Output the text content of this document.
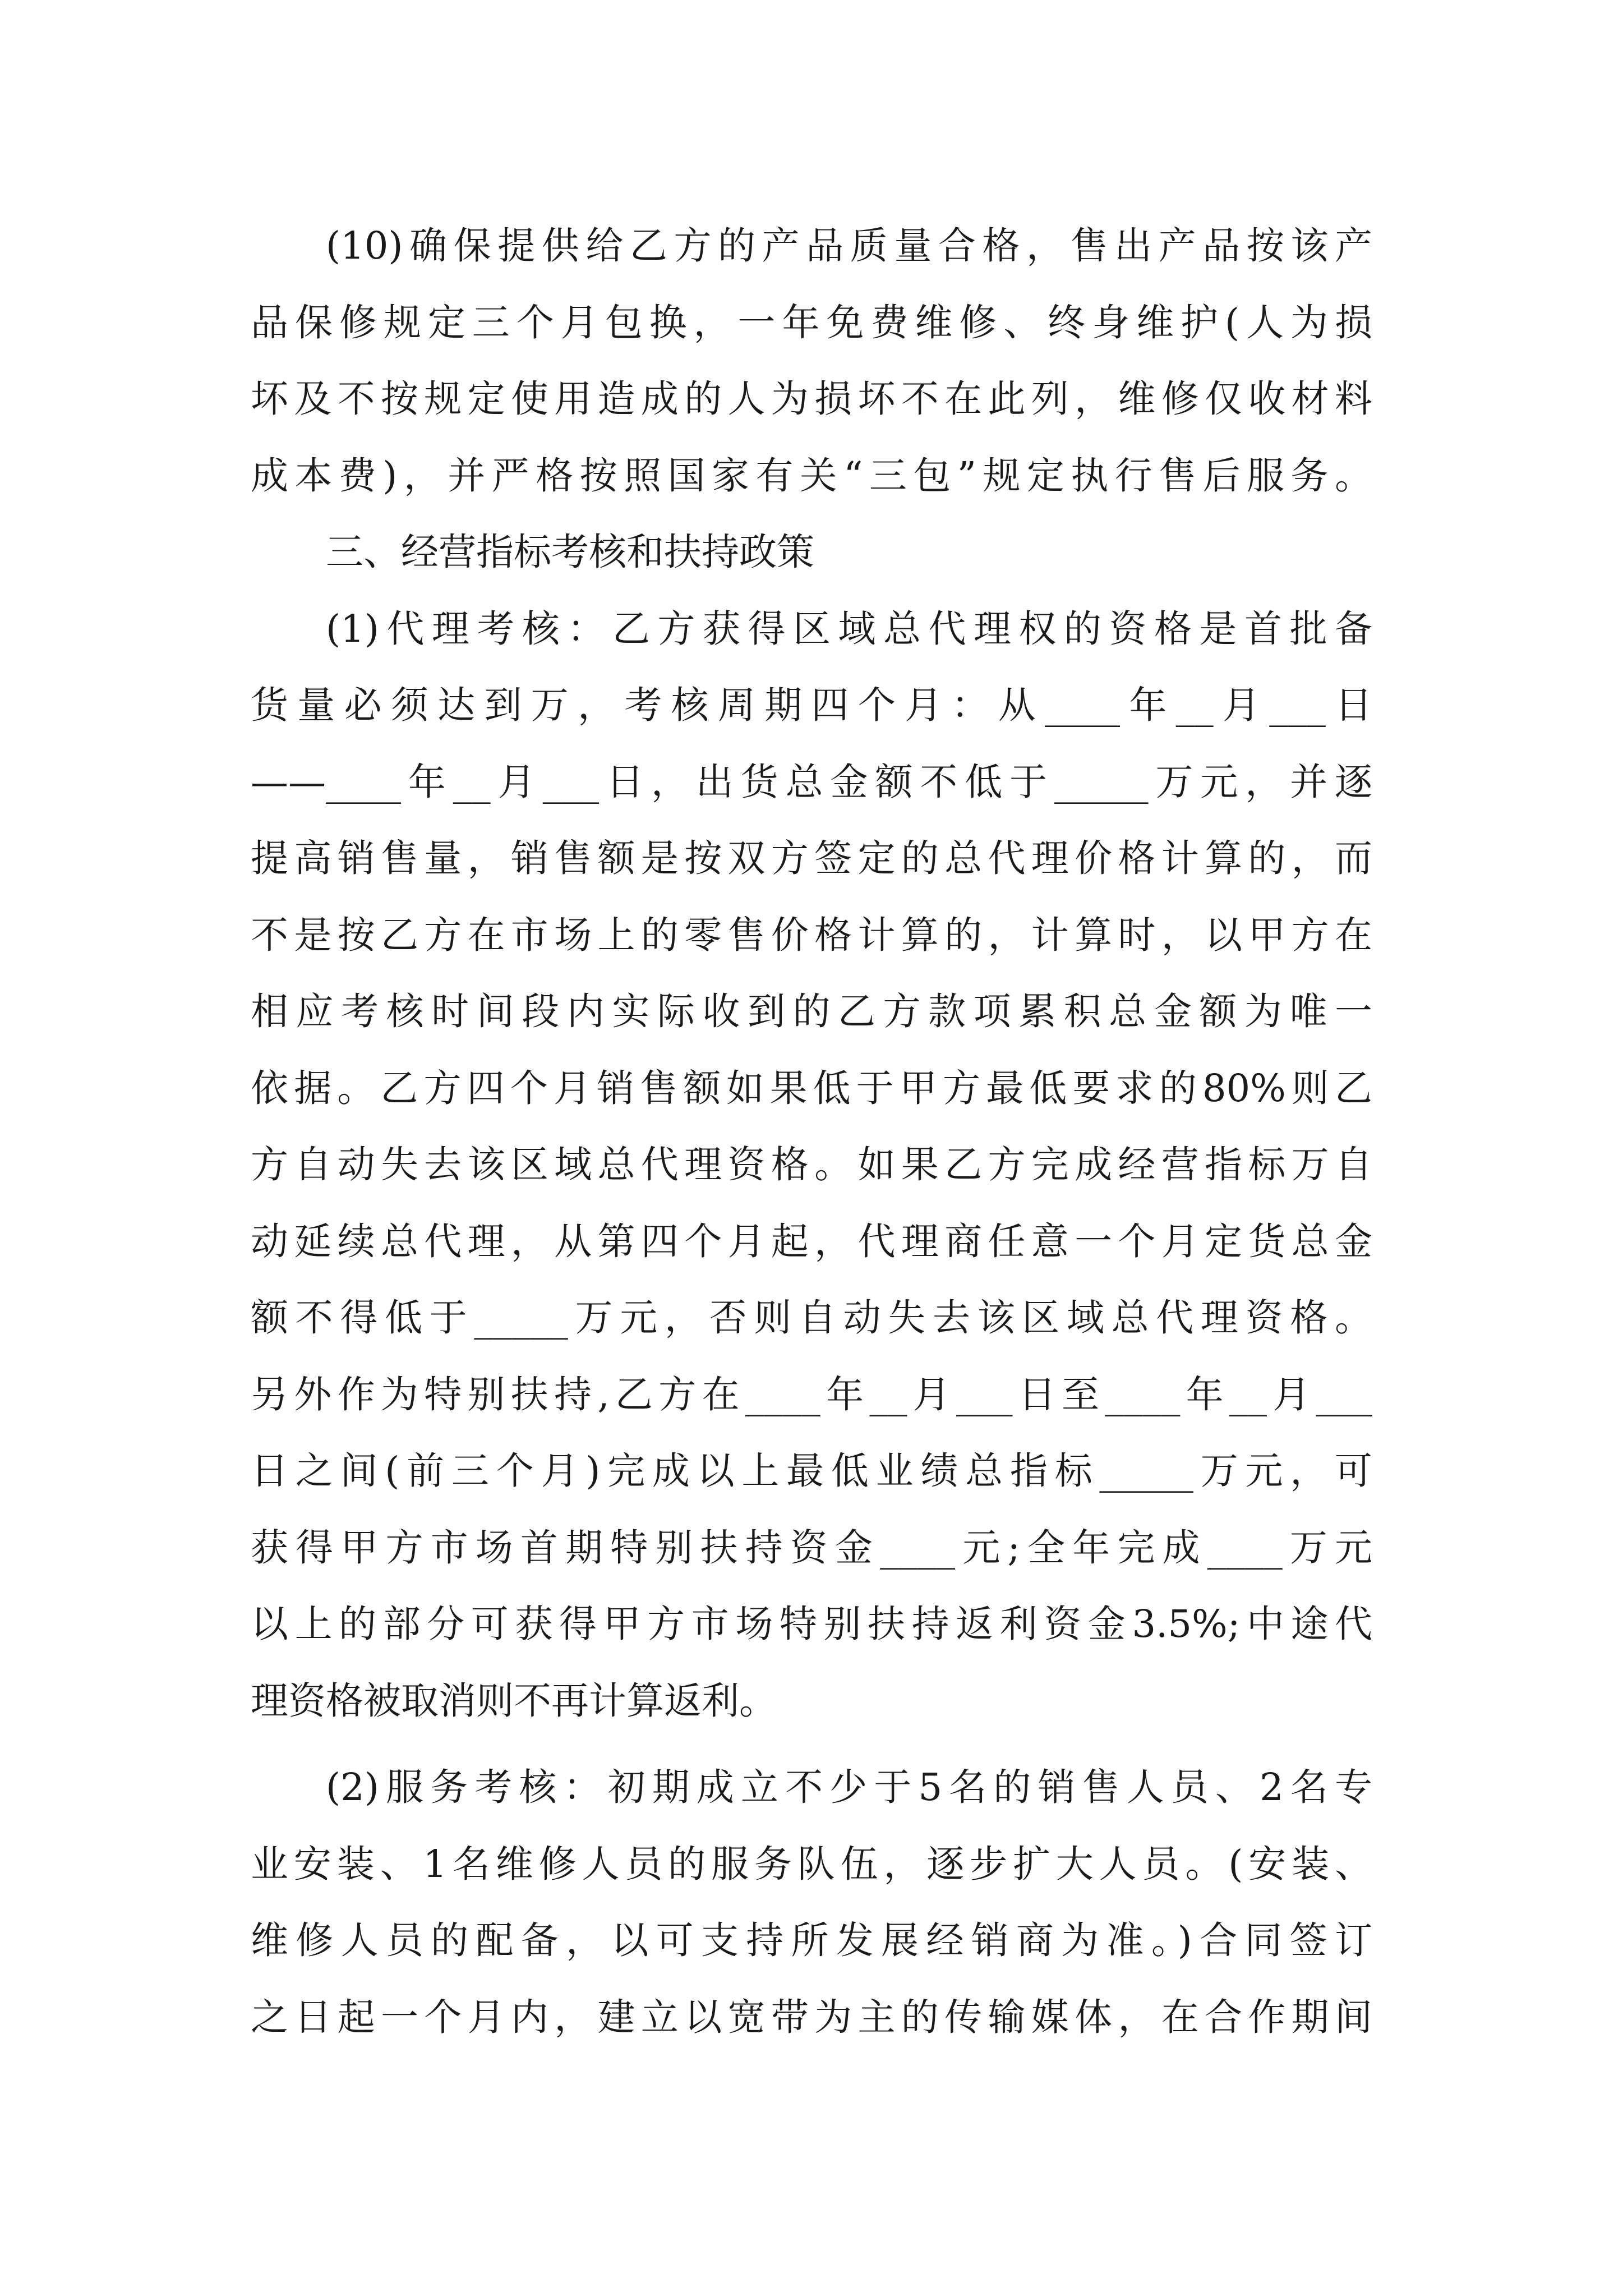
(10)确保提供给乙方的产品质量合格，售出产品按该产
品保修规定三个月包换，一年免费维修、终身维护(人为损
坏及不按规定使用造成的人为损坏不在此列，维修仅收材料
成本费)，并严格按照国家有关“三包”规定执行售后服务。
三、经营指标考核和扶持政策
(1)代理考核：乙方获得区域总代理权的资格是首批备
货量必须达到万，考核周期四个月：从____年__月___日
——____年__月___日，出货总金额不低于_____万元，并逐
提高销售量，销售额是按双方签定的总代理价格计算的，而
不是按乙方在市场上的零售价格计算的，计算时，以甲方在
相应考核时间段内实际收到的乙方款项累积总金额为唯一
依据。乙方四个月销售额如果低于甲方最低要求的80%则乙
方自动失去该区域总代理资格。如果乙方完成经营指标万自
动延续总代理，从第四个月起，代理商任意一个月定货总金
额不得低于_____万元，否则自动失去该区域总代理资格。
另外作为特别扶持,乙方在____年__月___日至____年__月___
日之间(前三个月)完成以上最低业绩总指标_____万元，可
获得甲方市场首期特别扶持资金____元;全年完成____万元
以上的部分可获得甲方市场特别扶持返利资金3.5%;中途代
理资格被取消则不再计算返利。
(2)服务考核：初期成立不少于5名的销售人员、2名专
业安装、1名维修人员的服务队伍，逐步扩大人员。(安装、
维修人员的配备，以可支持所发展经销商为准。)合同签订
之日起一个月内，建立以宽带为主的传输媒体，在合作期间
